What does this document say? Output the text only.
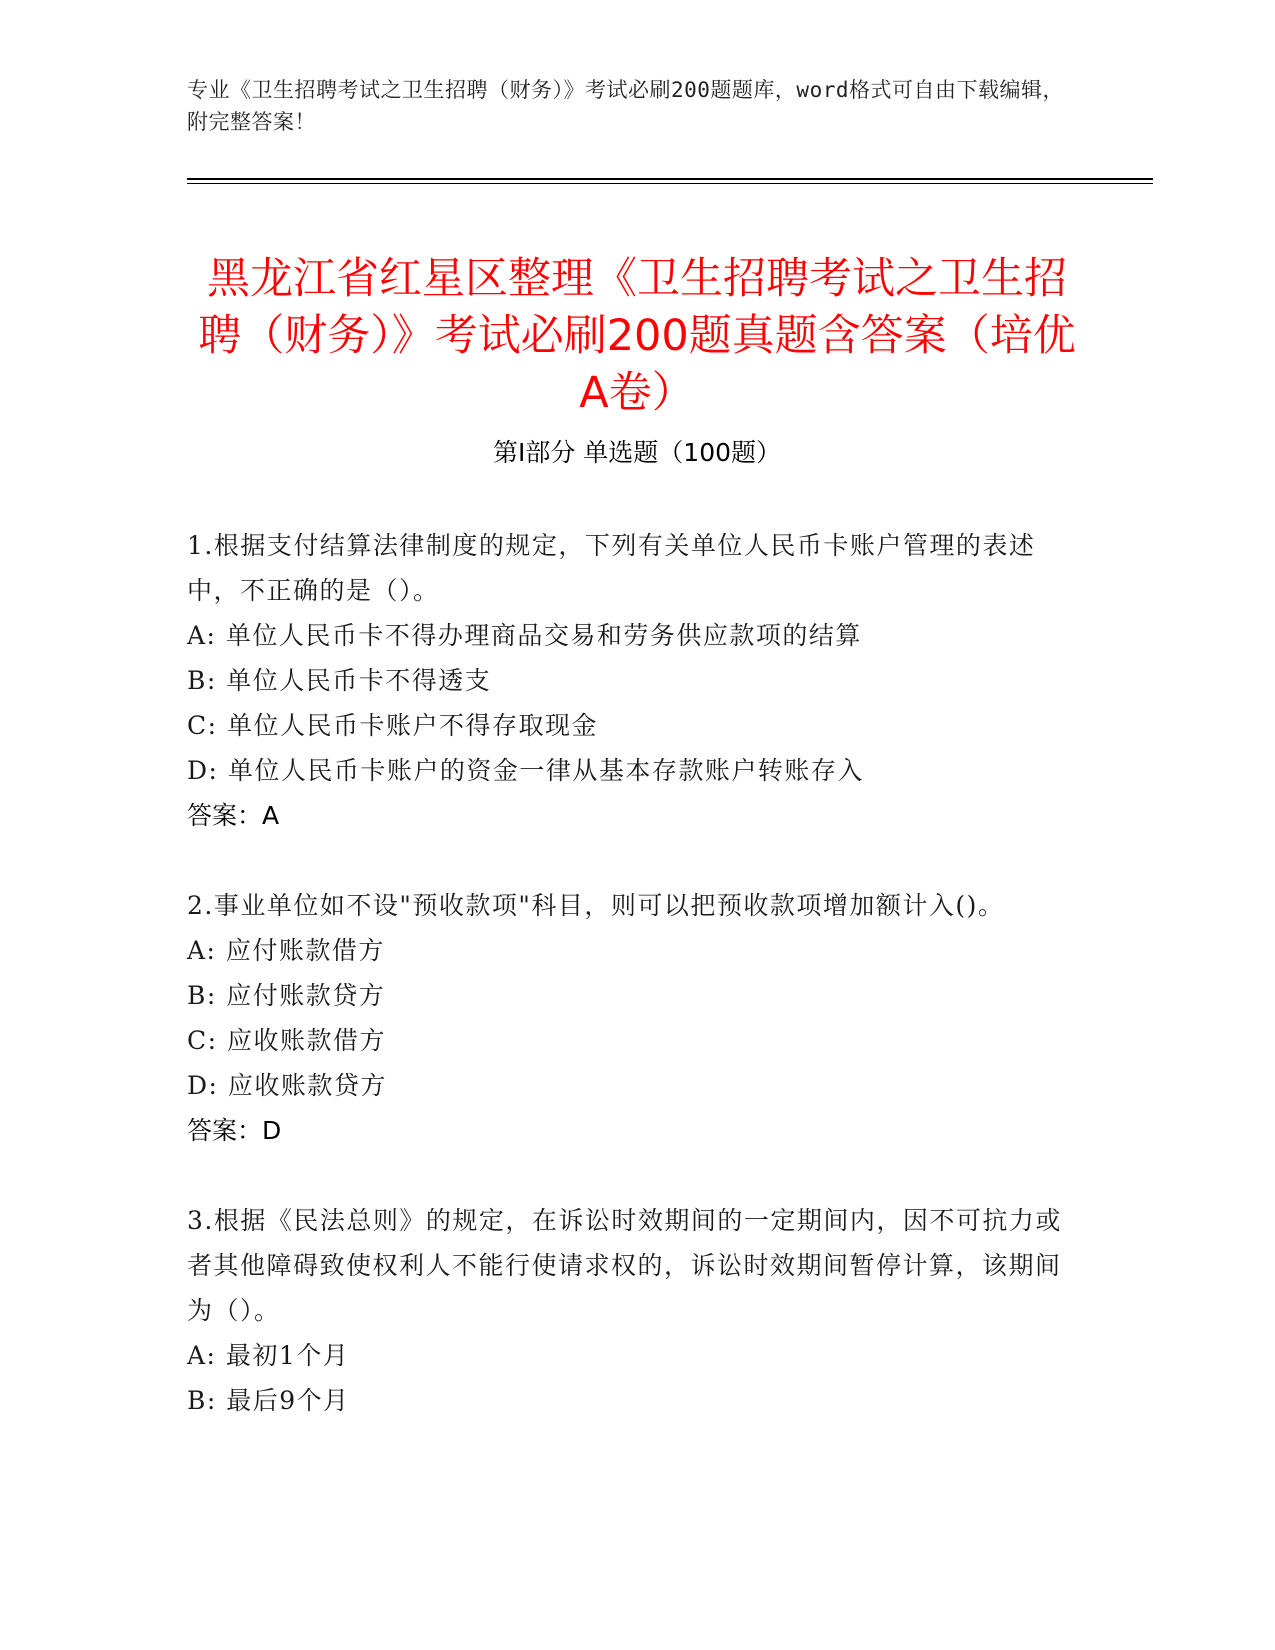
专业《卫生招聘考试之卫生招聘（财务）》考试必刷200题题库，word格式可自由下载编辑，附完整答案！
黑龙江省红星区整理《卫生招聘考试之卫生招聘（财务）》考试必刷200题真题含答案（培优A卷）
第Ⅰ部分 单选题（100题）
1.根据支付结算法律制度的规定，下列有关单位人民币卡账户管理的表述中，不正确的是（）。
A: 单位人民币卡不得办理商品交易和劳务供应款项的结算
B: 单位人民币卡不得透支
C: 单位人民币卡账户不得存取现金
D: 单位人民币卡账户的资金一律从基本存款账户转账存入
答案：A
2.事业单位如不设"预收款项"科目，则可以把预收款项增加额计入()。
A: 应付账款借方
B: 应付账款贷方
C: 应收账款借方
D: 应收账款贷方
答案：D
3.根据《民法总则》的规定，在诉讼时效期间的一定期间内，因不可抗力或者其他障碍致使权利人不能行使请求权的，诉讼时效期间暂停计算，该期间为（）。
A: 最初1个月
B: 最后9个月
